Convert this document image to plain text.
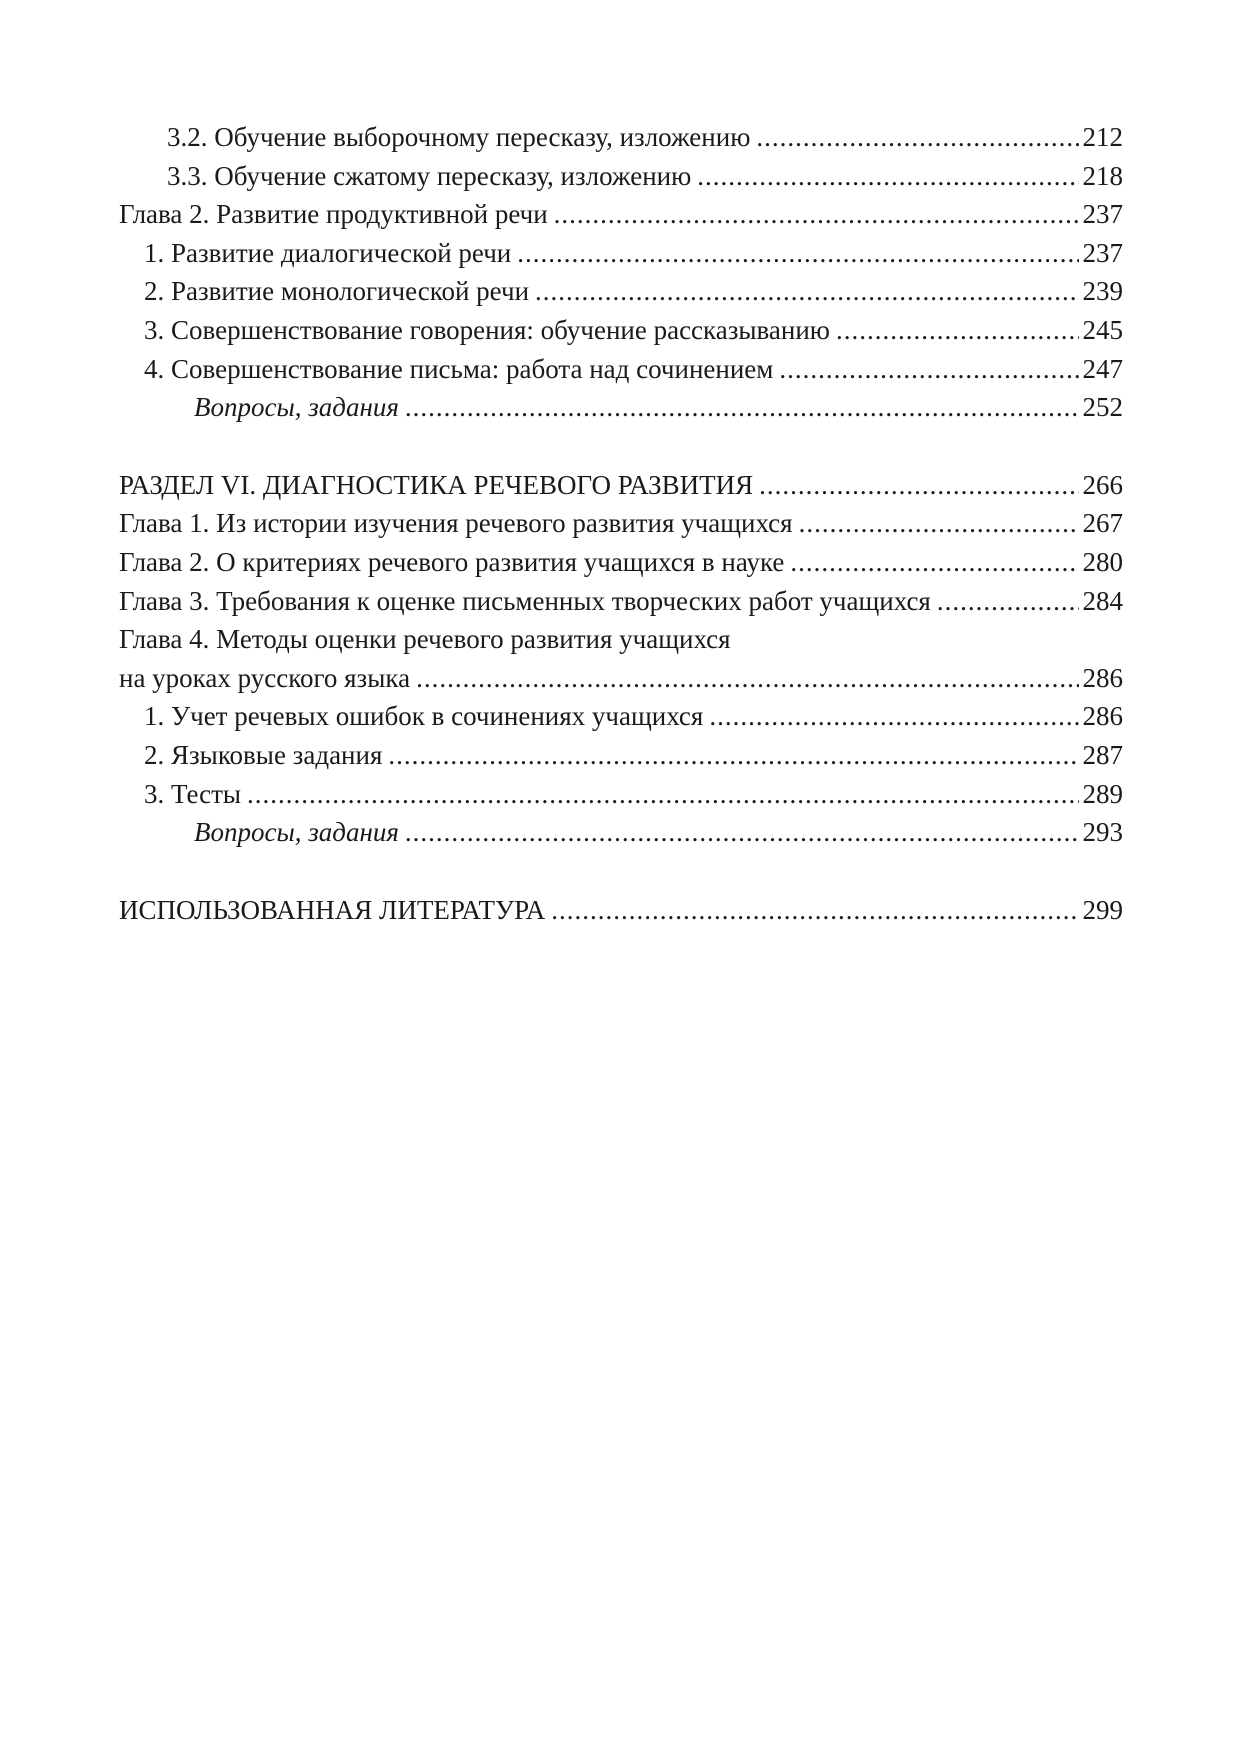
3.2. Обучение выборочному пересказу, изложению .....	212
3.3. Обучение сжатому пересказу, изложению .....	218
Глава 2. Развитие продуктивной речи .....	237
1. Развитие диалогической речи .....	237
2. Развитие монологической речи .....	239
3. Совершенствование говорения: обучение рассказыванию .....	245
4. Совершенствование письма: работа над сочинением .....	247
Вопросы, задания .....	252
РАЗДЕЛ VI. ДИАГНОСТИКА РЕЧЕВОГО РАЗВИТИЯ .....	266
Глава 1. Из истории изучения речевого развития учащихся .....	267
Глава 2. О критериях речевого развития учащихся в науке .....	280
Глава 3. Требования к оценке письменных творческих работ учащихся .....	284
Глава 4. Методы оценки речевого развития учащихся
на уроках русского языка .....	286
1. Учет речевых ошибок в сочинениях учащихся .....	286
2. Языковые задания .....	287
3. Тесты .....	289
Вопросы, задания .....	293
ИСПОЛЬЗОВАННАЯ ЛИТЕРАТУРА .....	299
